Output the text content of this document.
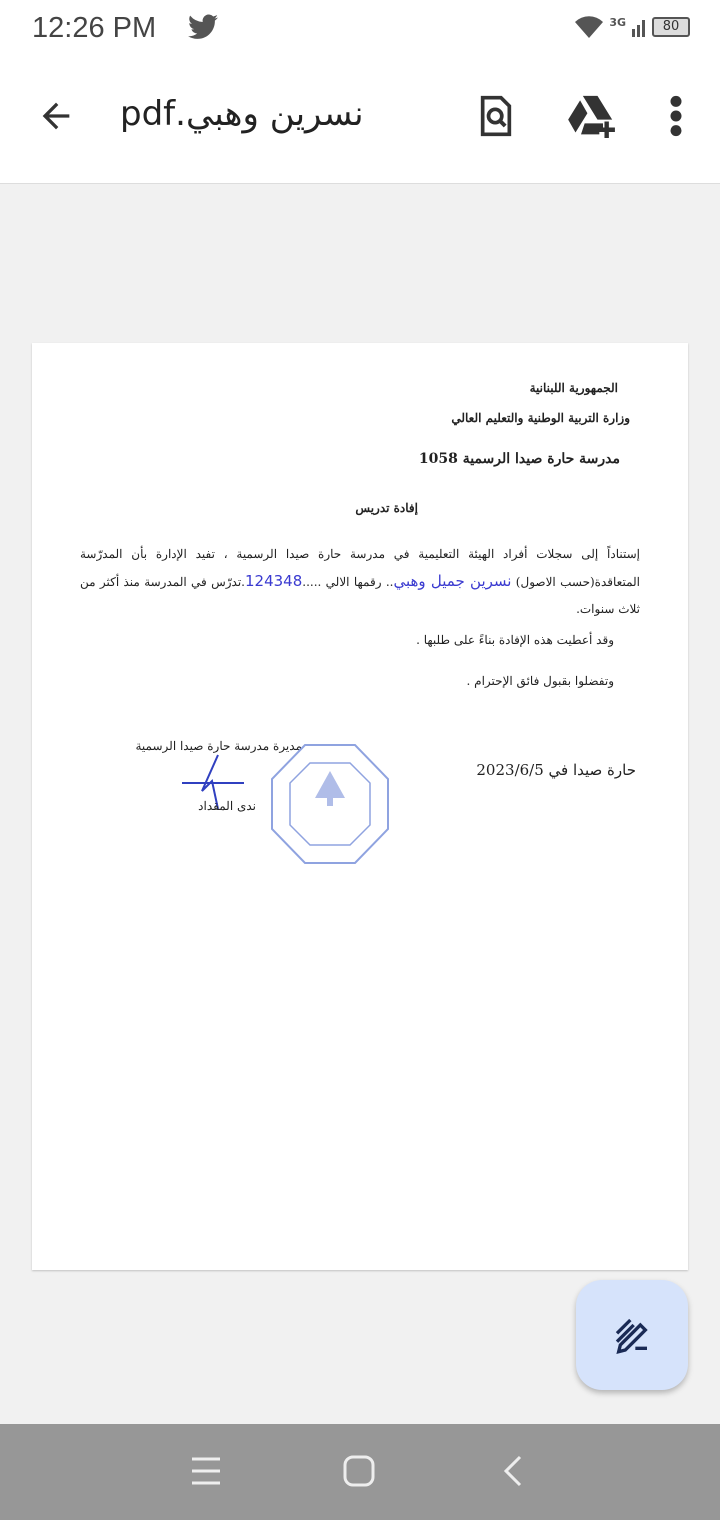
12:26 PM	3G	80
نسرين وهبي.pdf
الجمهورية اللبنانية
وزارة التربية الوطنية والتعليم العالي
مدرسة حارة صيدا الرسمية 1058
إفادة تدريس

إستناداً إلى سجلات أفراد الهيئة التعليمية في مدرسة حارة صيدا الرسمية ، تفيد الإدارة بأن المدرّسة المتعاقدة(حسب الاصول) نسرين جميل وهبي.. رقمها الالي .....124348.تدرّس في المدرسة منذ أكثر من ثلاث سنوات.

وقد أعطيت هذه الإفادة بناءً على طلبها .

وتفضلوا بقبول فائق الإحترام .

حارة صيدا في 2023/6/5
مديرة مدرسة حارة صيدا الرسمية
ندى المقداد
